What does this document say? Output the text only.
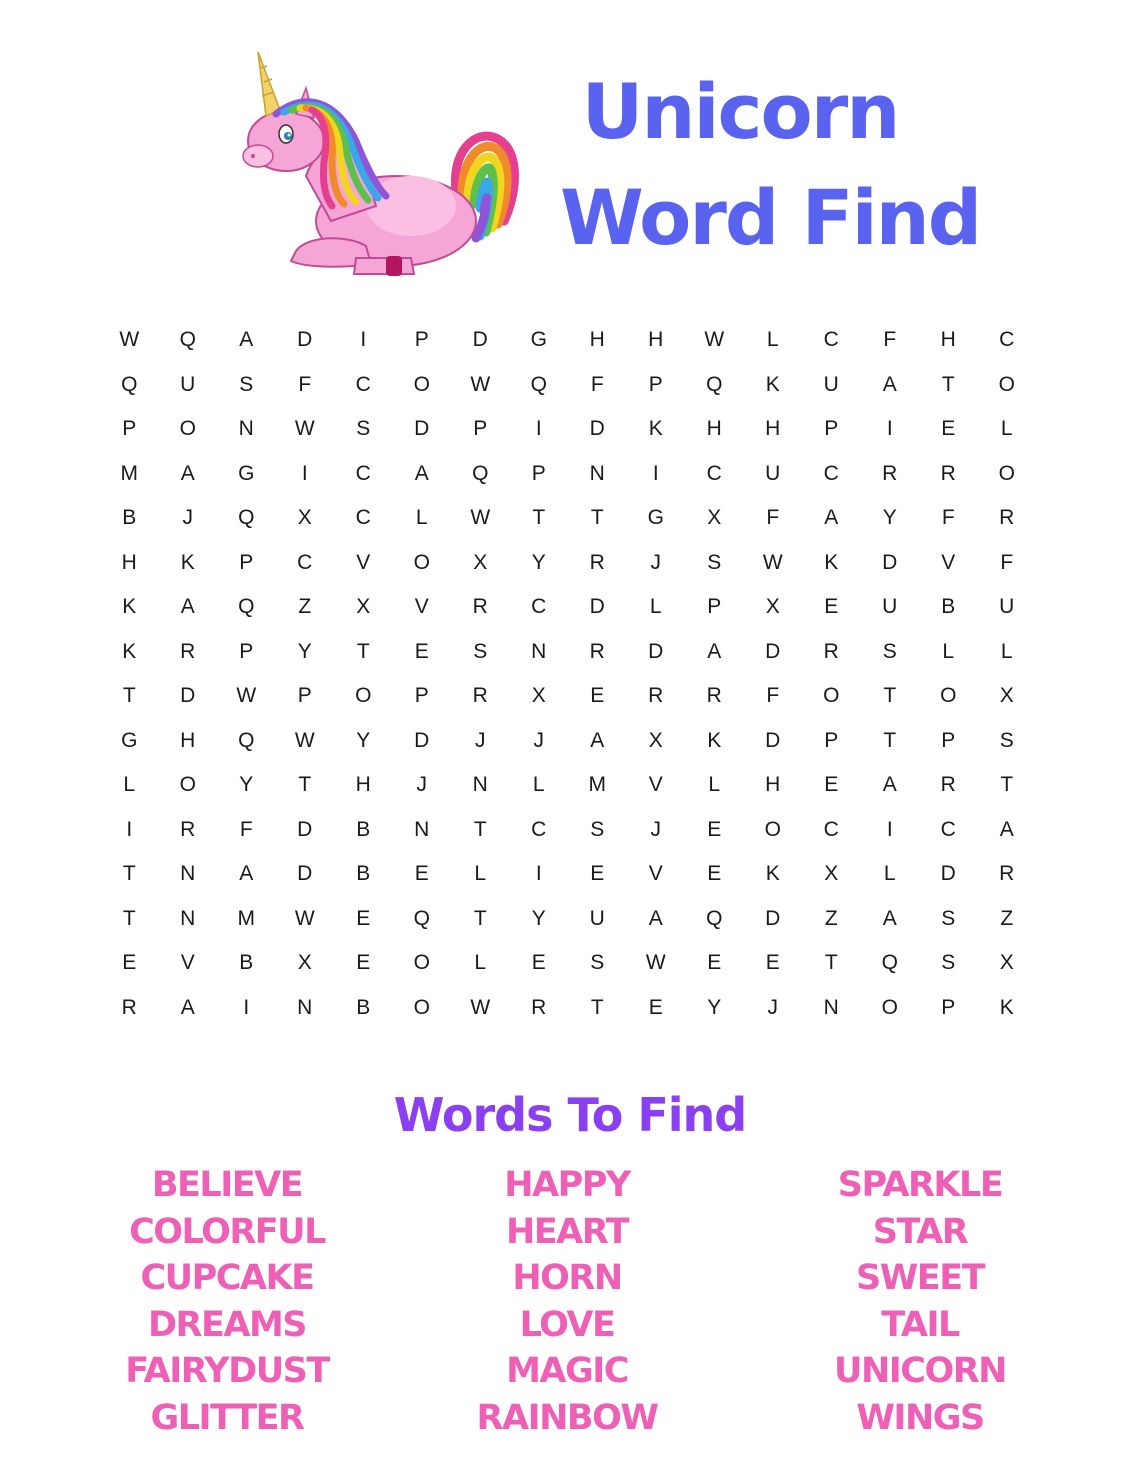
Unicorn
Word Find
W	Q	A	D	I	P	D	G	H	H	W	L	C	F	H	C
Q	U	S	F	C	O	W	Q	F	P	Q	K	U	A	T	O
P	O	N	W	S	D	P	I	D	K	H	H	P	I	E	L
M	A	G	I	C	A	Q	P	N	I	C	U	C	R	R	O
B	J	Q	X	C	L	W	T	T	G	X	F	A	Y	F	R
H	K	P	C	V	O	X	Y	R	J	S	W	K	D	V	F
K	A	Q	Z	X	V	R	C	D	L	P	X	E	U	B	U
K	R	P	Y	T	E	S	N	R	D	A	D	R	S	L	L
T	D	W	P	O	P	R	X	E	R	R	F	O	T	O	X
G	H	Q	W	Y	D	J	J	A	X	K	D	P	T	P	S
L	O	Y	T	H	J	N	L	M	V	L	H	E	A	R	T
I	R	F	D	B	N	T	C	S	J	E	O	C	I	C	A
T	N	A	D	B	E	L	I	E	V	E	K	X	L	D	R
T	N	M	W	E	Q	T	Y	U	A	Q	D	Z	A	S	Z
E	V	B	X	E	O	L	E	S	W	E	E	T	Q	S	X
R	A	I	N	B	O	W	R	T	E	Y	J	N	O	P	K
Words To Find
BELIEVE
COLORFUL
CUPCAKE
DREAMS
FAIRYDUST
GLITTER
HAPPY
HEART
HORN
LOVE
MAGIC
RAINBOW
SPARKLE
STAR
SWEET
TAIL
UNICORN
WINGS
